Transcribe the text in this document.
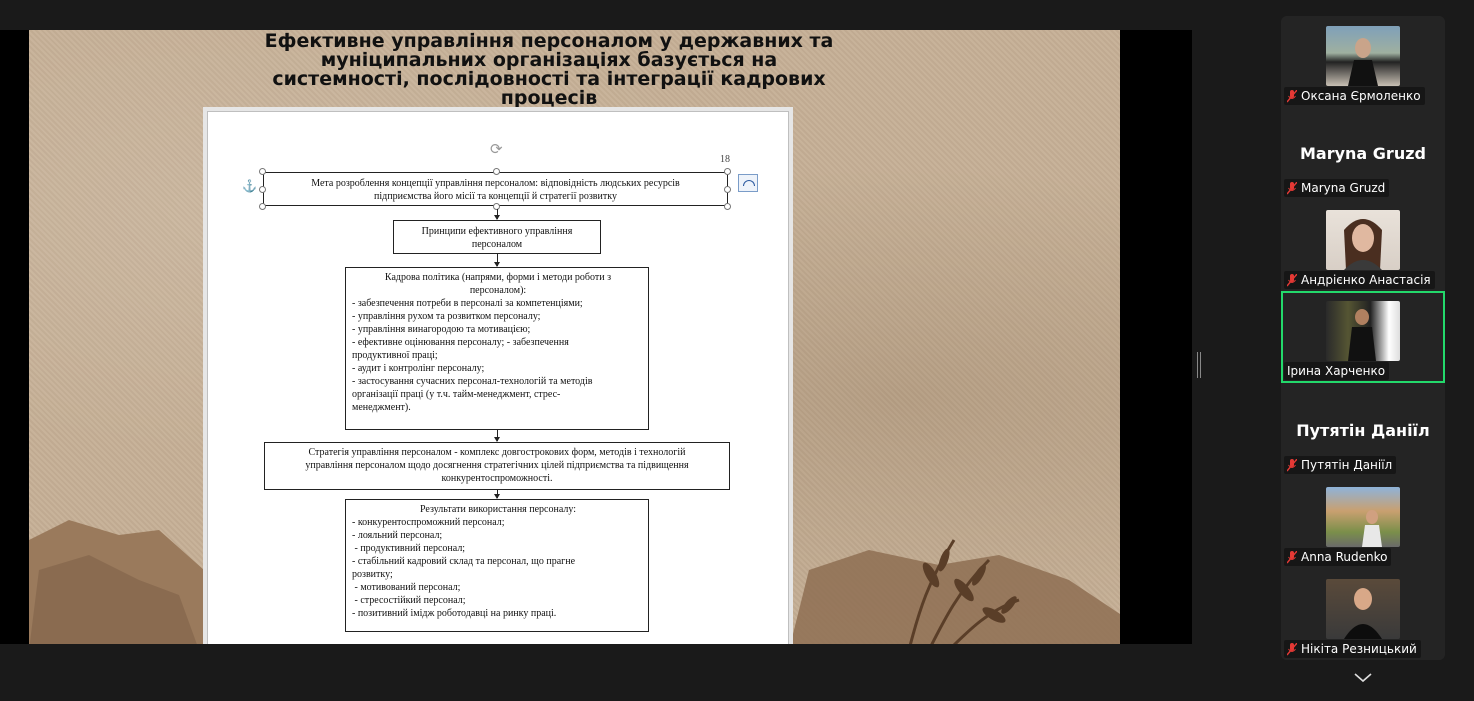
Ефективне управління персоналом у державних та
муніципальних організаціях базується на
системності, послідовності та інтеграції кадрових
процесів
⟳
18
⚓	Мета розроблення концепції управління персоналом: відповідність людських ресурсів
підприємства його місії та концепції й стратегії розвитку
Принципи ефективного управління
персоналом
Кадрова політика (напрями, форми і методи роботи з
персоналом):
- забезпечення потреби в персоналі за компетенціями;
- управління рухом та розвитком персоналу;
- управління винагородою та мотивацією;
- ефективне оцінювання персоналу; - забезпечення
продуктивної праці;
- аудит і контролінг персоналу;
- застосування сучасних персонал-технологій та методів
організації праці (у т.ч. тайм-менеджмент, стрес-
менеджмент).
Стратегія управління персоналом - комплекс довгострокових форм, методів і технологій
управління персоналом щодо досягнення стратегічних цілей підприємства та підвищення
конкурентоспроможності.
Результати використання персоналу:
- конкурентоспроможний персонал;
- лояльний персонал;
- продуктивний персонал;
- стабільний кадровий склад та персонал, що прагне
розвитку;
- мотивований персонал;
- стресостійкий персонал;
- позитивний імідж роботодавці на ринку праці.
Оксана Єрмоленко
Maryna Gruzd
Maryna Gruzd
Андрієнко Анастасія
Ірина Харченко
Путятін Даніїл
Путятін Даніїл
Anna Rudenko
Нікіта Резницький
